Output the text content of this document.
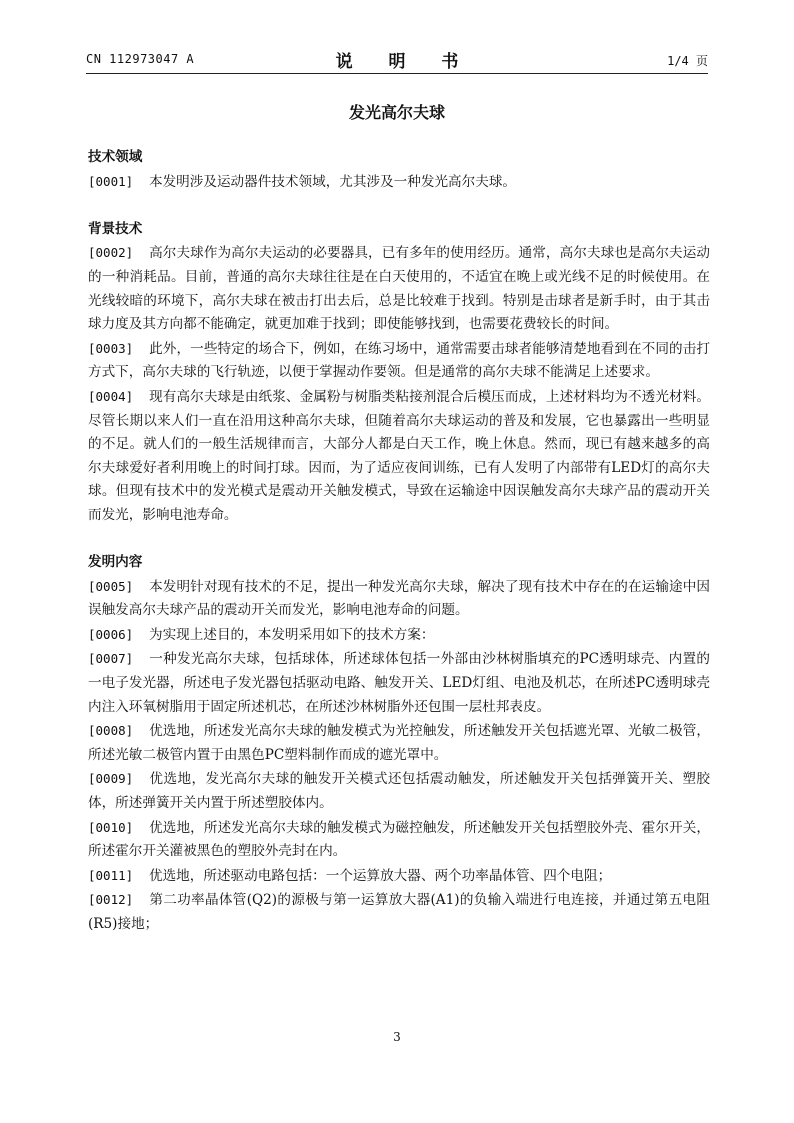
CN 112973047 A	说 明 书	1/4 页
发光高尔夫球
技术领域
[0001] 本发明涉及运动器件技术领域，尤其涉及一种发光高尔夫球。
背景技术
[0002] 高尔夫球作为高尔夫运动的必要器具，已有多年的使用经历。通常，高尔夫球也是高尔夫运动的一种消耗品。目前，普通的高尔夫球往往是在白天使用的，不适宜在晚上或光线不足的时候使用。在光线较暗的环境下，高尔夫球在被击打出去后，总是比较难于找到。特别是击球者是新手时，由于其击球力度及其方向都不能确定，就更加难于找到；即使能够找到，也需要花费较长的时间。
[0003] 此外，一些特定的场合下，例如，在练习场中，通常需要击球者能够清楚地看到在不同的击打方式下，高尔夫球的飞行轨迹，以便于掌握动作要领。但是通常的高尔夫球不能满足上述要求。
[0004] 现有高尔夫球是由纸浆、金属粉与树脂类粘接剂混合后模压而成，上述材料均为不透光材料。尽管长期以来人们一直在沿用这种高尔夫球，但随着高尔夫球运动的普及和发展，它也暴露出一些明显的不足。就人们的一般生活规律而言，大部分人都是白天工作，晚上休息。然而，现已有越来越多的高尔夫球爱好者利用晚上的时间打球。因而，为了适应夜间训练，已有人发明了内部带有LED灯的高尔夫球。但现有技术中的发光模式是震动开关触发模式，导致在运输途中因误触发高尔夫球产品的震动开关而发光，影响电池寿命。
发明内容
[0005] 本发明针对现有技术的不足，提出一种发光高尔夫球，解决了现有技术中存在的在运输途中因误触发高尔夫球产品的震动开关而发光，影响电池寿命的问题。
[0006] 为实现上述目的，本发明采用如下的技术方案：
[0007] 一种发光高尔夫球，包括球体，所述球体包括一外部由沙林树脂填充的PC透明球壳、内置的一电子发光器，所述电子发光器包括驱动电路、触发开关、LED灯组、电池及机芯，在所述PC透明球壳内注入环氧树脂用于固定所述机芯，在所述沙林树脂外还包围一层杜邦表皮。
[0008] 优选地，所述发光高尔夫球的触发模式为光控触发，所述触发开关包括遮光罩、光敏二极管，所述光敏二极管内置于由黑色PC塑料制作而成的遮光罩中。
[0009] 优选地，发光高尔夫球的触发开关模式还包括震动触发，所述触发开关包括弹簧开关、塑胶体，所述弹簧开关内置于所述塑胶体内。
[0010] 优选地，所述发光高尔夫球的触发模式为磁控触发，所述触发开关包括塑胶外壳、霍尔开关，所述霍尔开关灌被黑色的塑胶外壳封在内。
[0011] 优选地，所述驱动电路包括：一个运算放大器、两个功率晶体管、四个电阻；
[0012] 第二功率晶体管(Q2)的源极与第一运算放大器(A1)的负输入端进行电连接，并通过第五电阻(R5)接地；
3
